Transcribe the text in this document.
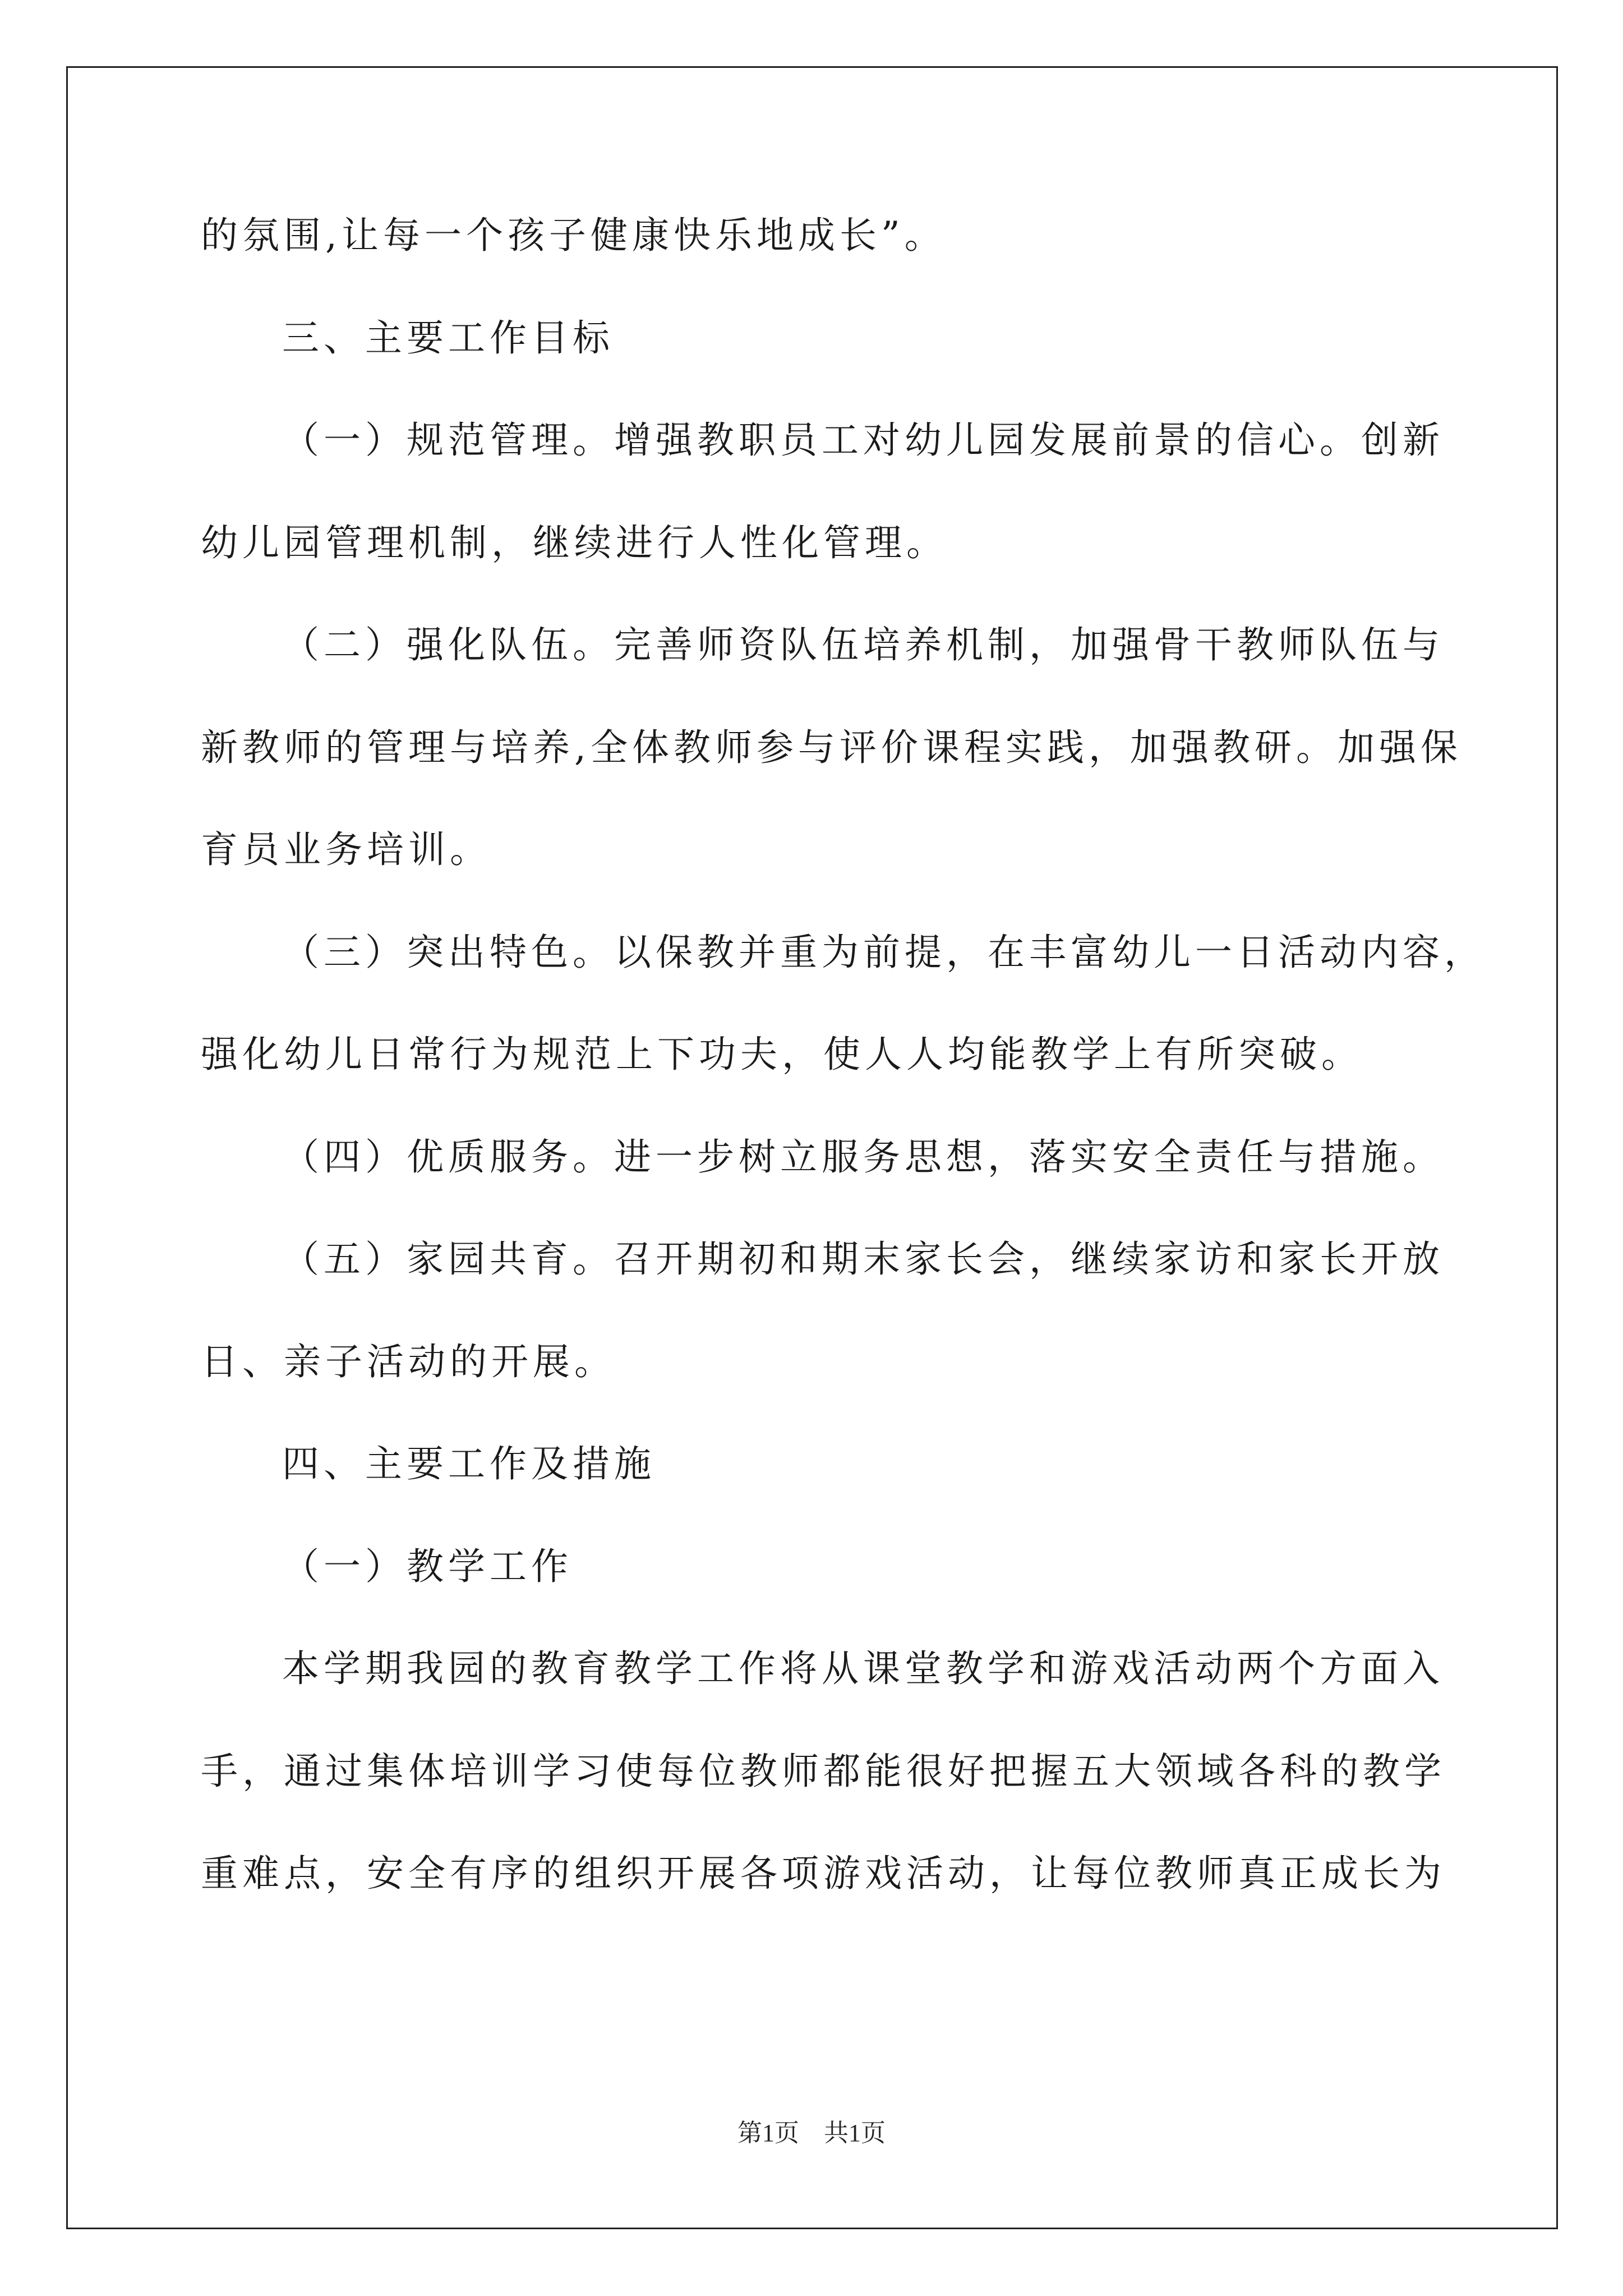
的氛围,让每一个孩子健康快乐地成长”。
三、主要工作目标
（一）规范管理。增强教职员工对幼儿园发展前景的信心。创新
幼儿园管理机制，继续进行人性化管理。
（二）强化队伍。完善师资队伍培养机制，加强骨干教师队伍与
新教师的管理与培养,全体教师参与评价课程实践，加强教研。加强保
育员业务培训。
（三）突出特色。以保教并重为前提，在丰富幼儿一日活动内容，
强化幼儿日常行为规范上下功夫，使人人均能教学上有所突破。
（四）优质服务。进一步树立服务思想，落实安全责任与措施。
（五）家园共育。召开期初和期末家长会，继续家访和家长开放
日、亲子活动的开展。
四、主要工作及措施
（一）教学工作
本学期我园的教育教学工作将从课堂教学和游戏活动两个方面入
手，通过集体培训学习使每位教师都能很好把握五大领域各科的教学
重难点，安全有序的组织开展各项游戏活动，让每位教师真正成长为
第1页 共1页
